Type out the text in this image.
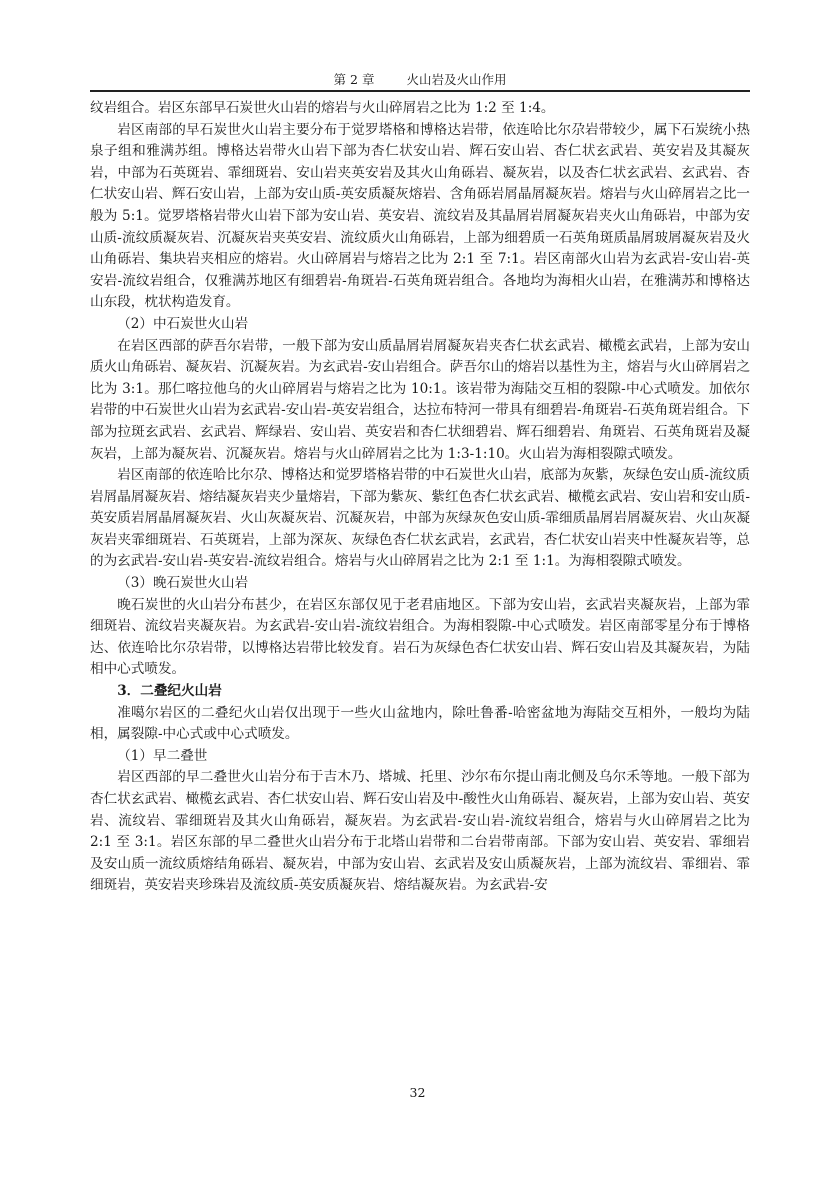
第 2 章	火山岩及火山作用

纹岩组合。岩区东部早石炭世火山岩的熔岩与火山碎屑岩之比为 1:2 至 1:4。

岩区南部的早石炭世火山岩主要分布于觉罗塔格和博格达岩带，依连哈比尔尕岩带较少，属下石炭统小热泉子组和雅满苏组。博格达岩带火山岩下部为杏仁状安山岩、辉石安山岩、杏仁状玄武岩、英安岩及其凝灰岩，中部为石英斑岩、霏细斑岩、安山岩夹英安岩及其火山角砾岩、凝灰岩，以及杏仁状玄武岩、玄武岩、杏仁状安山岩、辉石安山岩，上部为安山质-英安质凝灰熔岩、含角砾岩屑晶屑凝灰岩。熔岩与火山碎屑岩之比一般为 5:1。觉罗塔格岩带火山岩下部为安山岩、英安岩、流纹岩及其晶屑岩屑凝灰岩夹火山角砾岩，中部为安山质-流纹质凝灰岩、沉凝灰岩夹英安岩、流纹质火山角砾岩，上部为细碧质一石英角斑质晶屑玻屑凝灰岩及火山角砾岩、集块岩夹相应的熔岩。火山碎屑岩与熔岩之比为 2:1 至 7:1。岩区南部火山岩为玄武岩-安山岩-英安岩-流纹岩组合，仅雅满苏地区有细碧岩-角斑岩-石英角斑岩组合。各地均为海相火山岩，在雅满苏和博格达山东段，枕状构造发育。

（2）中石炭世火山岩

在岩区西部的萨吾尔岩带，一般下部为安山质晶屑岩屑凝灰岩夹杏仁状玄武岩、橄榄玄武岩，上部为安山质火山角砾岩、凝灰岩、沉凝灰岩。为玄武岩-安山岩组合。萨吾尔山的熔岩以基性为主，熔岩与火山碎屑岩之比为 3:1。那仁喀拉他乌的火山碎屑岩与熔岩之比为 10:1。该岩带为海陆交互相的裂隙-中心式喷发。加依尔岩带的中石炭世火山岩为玄武岩-安山岩-英安岩组合，达拉布特河一带具有细碧岩-角斑岩-石英角斑岩组合。下部为拉斑玄武岩、玄武岩、辉绿岩、安山岩、英安岩和杏仁状细碧岩、辉石细碧岩、角斑岩、石英角斑岩及凝灰岩，上部为凝灰岩、沉凝灰岩。熔岩与火山碎屑岩之比为 1:3-1:10。火山岩为海相裂隙式喷发。

岩区南部的依连哈比尔尕、博格达和觉罗塔格岩带的中石炭世火山岩，底部为灰紫，灰绿色安山质-流纹质岩屑晶屑凝灰岩、熔结凝灰岩夹少量熔岩，下部为紫灰、紫红色杏仁状玄武岩、橄榄玄武岩、安山岩和安山质-英安质岩屑晶屑凝灰岩、火山灰凝灰岩、沉凝灰岩，中部为灰绿灰色安山质-霏细质晶屑岩屑凝灰岩、火山灰凝灰岩夹霏细斑岩、石英斑岩，上部为深灰、灰绿色杏仁状玄武岩，玄武岩，杏仁状安山岩夹中性凝灰岩等，总的为玄武岩-安山岩-英安岩-流纹岩组合。熔岩与火山碎屑岩之比为 2:1 至 1:1。为海相裂隙式喷发。

（3）晚石炭世火山岩

晚石炭世的火山岩分布甚少，在岩区东部仅见于老君庙地区。下部为安山岩，玄武岩夹凝灰岩，上部为霏细斑岩、流纹岩夹凝灰岩。为玄武岩-安山岩-流纹岩组合。为海相裂隙-中心式喷发。岩区南部零星分布于博格达、依连哈比尔尕岩带，以博格达岩带比较发育。岩石为灰绿色杏仁状安山岩、辉石安山岩及其凝灰岩，为陆相中心式喷发。

3．二叠纪火山岩

准噶尔岩区的二叠纪火山岩仅出现于一些火山盆地内，除吐鲁番-哈密盆地为海陆交互相外，一般均为陆相，属裂隙-中心式或中心式喷发。

（1）早二叠世

岩区西部的早二叠世火山岩分布于吉木乃、塔城、托里、沙尔布尔提山南北侧及乌尔禾等地。一般下部为杏仁状玄武岩、橄榄玄武岩、杏仁状安山岩、辉石安山岩及中-酸性火山角砾岩、凝灰岩，上部为安山岩、英安岩、流纹岩、霏细斑岩及其火山角砾岩，凝灰岩。为玄武岩-安山岩-流纹岩组合，熔岩与火山碎屑岩之比为 2:1 至 3:1。岩区东部的早二叠世火山岩分布于北塔山岩带和二台岩带南部。下部为安山岩、英安岩、霏细岩及安山质一流纹质熔结角砾岩、凝灰岩，中部为安山岩、玄武岩及安山质凝灰岩，上部为流纹岩、霏细岩、霏细斑岩，英安岩夹珍珠岩及流纹质-英安质凝灰岩、熔结凝灰岩。为玄武岩-安

32
